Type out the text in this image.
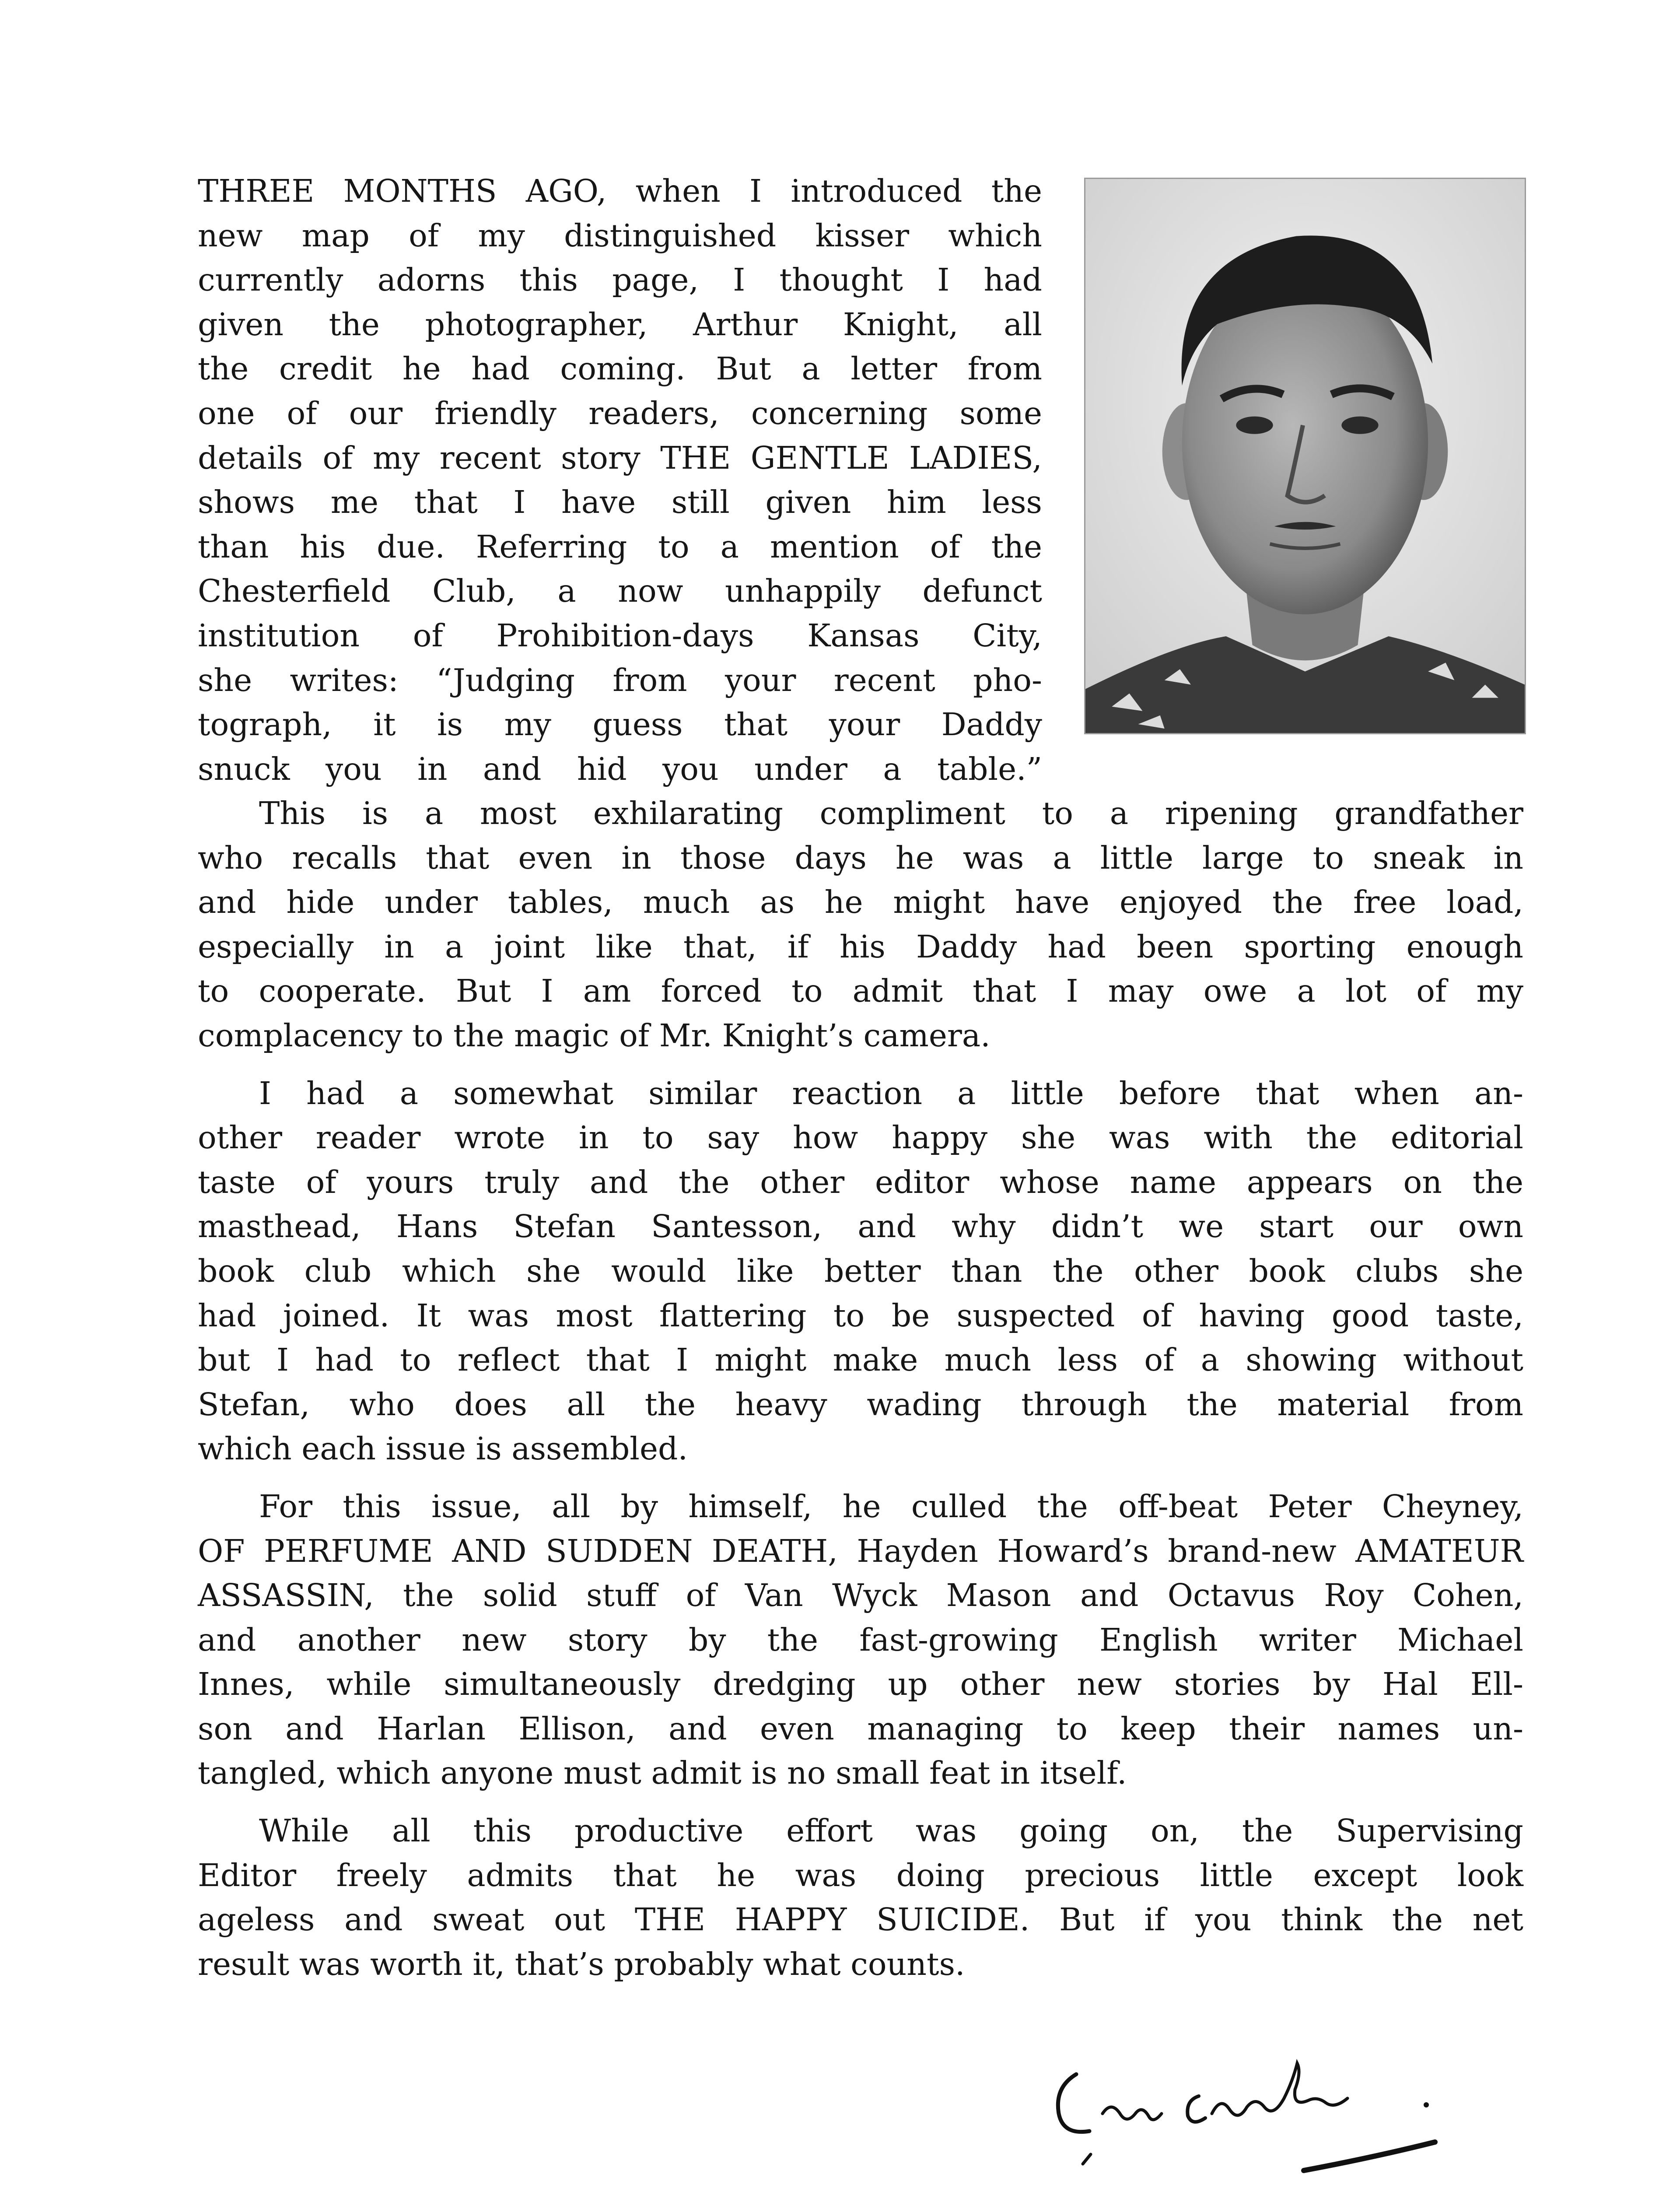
THREE MONTHS AGO, when I introduced the
new map of my distinguished kisser which
currently adorns this page, I thought I had
given the photographer, Arthur Knight, all
the credit he had coming. But a letter from
one of our friendly readers, concerning some
details of my recent story THE GENTLE LADIES,
shows me that I have still given him less
than his due. Referring to a mention of the
Chesterfield Club, a now unhappily defunct
institution of Prohibition-days Kansas City,
she writes: “Judging from your recent pho-
tograph, it is my guess that your Daddy
snuck you in and hid you under a table.”
This is a most exhilarating compliment to a ripening grandfather
who recalls that even in those days he was a little large to sneak in
and hide under tables, much as he might have enjoyed the free load,
especially in a joint like that, if his Daddy had been sporting enough
to cooperate. But I am forced to admit that I may owe a lot of my
complacency to the magic of Mr. Knight’s camera.
I had a somewhat similar reaction a little before that when an-
other reader wrote in to say how happy she was with the editorial
taste of yours truly and the other editor whose name appears on the
masthead, Hans Stefan Santesson, and why didn’t we start our own
book club which she would like better than the other book clubs she
had joined. It was most flattering to be suspected of having good taste,
but I had to reflect that I might make much less of a showing without
Stefan, who does all the heavy wading through the material from
which each issue is assembled.
For this issue, all by himself, he culled the off-beat Peter Cheyney,
OF PERFUME AND SUDDEN DEATH, Hayden Howard’s brand-new AMATEUR
ASSASSIN, the solid stuff of Van Wyck Mason and Octavus Roy Cohen,
and another new story by the fast-growing English writer Michael
Innes, while simultaneously dredging up other new stories by Hal Ell-
son and Harlan Ellison, and even managing to keep their names un-
tangled, which anyone must admit is no small feat in itself.
While all this productive effort was going on, the Supervising
Editor freely admits that he was doing precious little except look
ageless and sweat out THE HAPPY SUICIDE. But if you think the net
result was worth it, that’s probably what counts.
